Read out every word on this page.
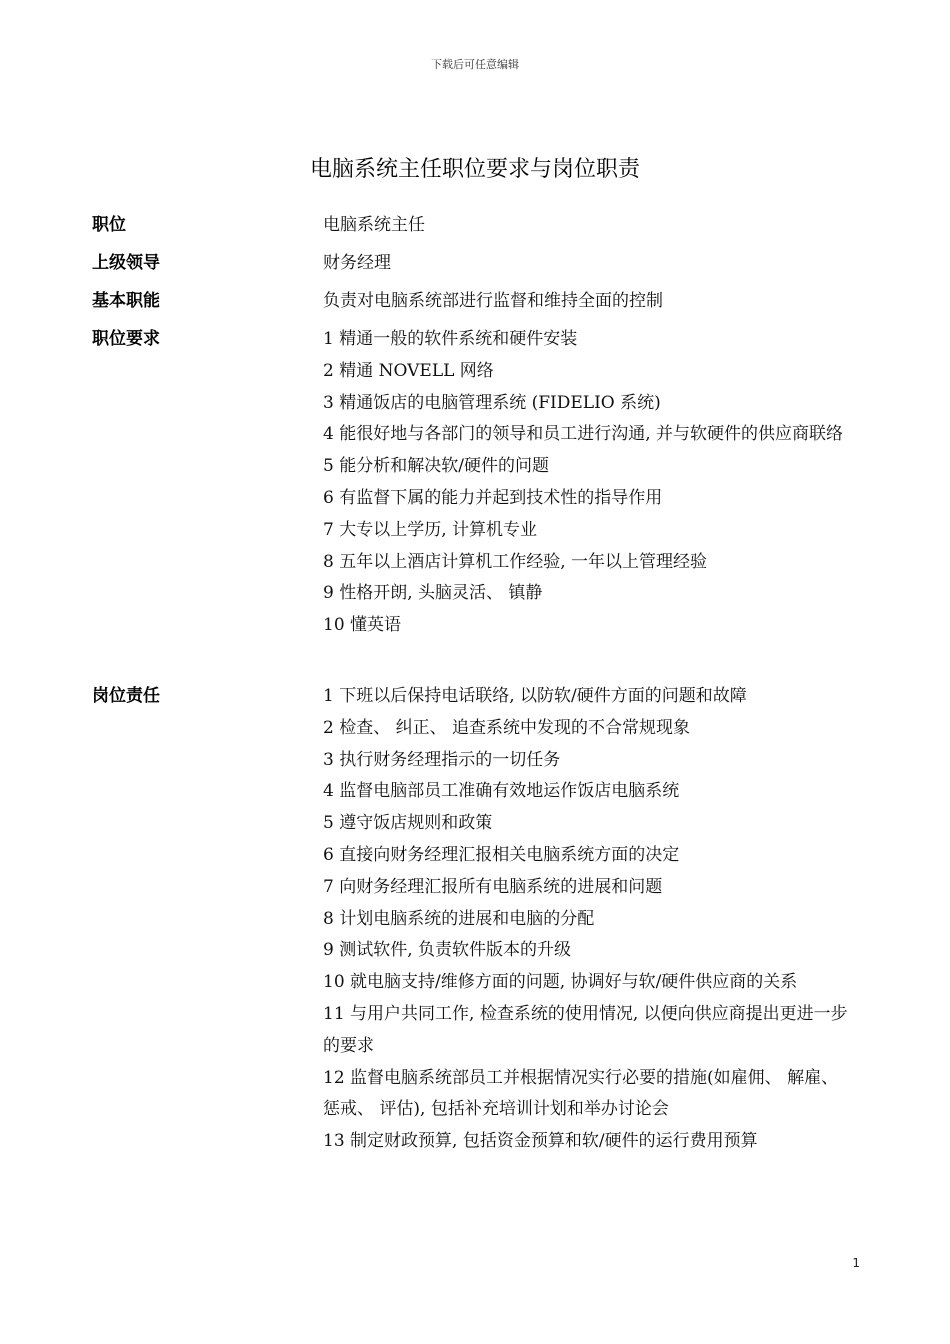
下载后可任意编辑
电脑系统主任职位要求与岗位职责
职位	电脑系统主任
上级领导	财务经理
基本职能	负责对电脑系统部进行监督和维持全面的控制
职位要求	1 精通一般的软件系统和硬件安装
2 精通 NOVELL 网络
3 精通饭店的电脑管理系统 (FIDELIO 系统)
4 能很好地与各部门的领导和员工进行沟通, 并与软硬件的供应商联络
5 能分析和解决软/硬件的问题
6 有监督下属的能力并起到技术性的指导作用
7 大专以上学历, 计算机专业
8 五年以上酒店计算机工作经验, 一年以上管理经验
9 性格开朗, 头脑灵活、 镇静
10 懂英语
岗位责任	1 下班以后保持电话联络, 以防软/硬件方面的问题和故障
2 检查、 纠正、 追查系统中发现的不合常规现象
3 执行财务经理指示的一切任务
4 监督电脑部员工准确有效地运作饭店电脑系统
5 遵守饭店规则和政策
6 直接向财务经理汇报相关电脑系统方面的决定
7 向财务经理汇报所有电脑系统的进展和问题
8 计划电脑系统的进展和电脑的分配
9 测试软件, 负责软件版本的升级
10 就电脑支持/维修方面的问题, 协调好与软/硬件供应商的关系
11 与用户共同工作, 检查系统的使用情况, 以便向供应商提出更进一步的要求
12 监督电脑系统部员工并根据情况实行必要的措施(如雇佣、 解雇、 惩戒、 评估), 包括补充培训计划和举办讨论会
13 制定财政预算, 包括资金预算和软/硬件的运行费用预算
1
